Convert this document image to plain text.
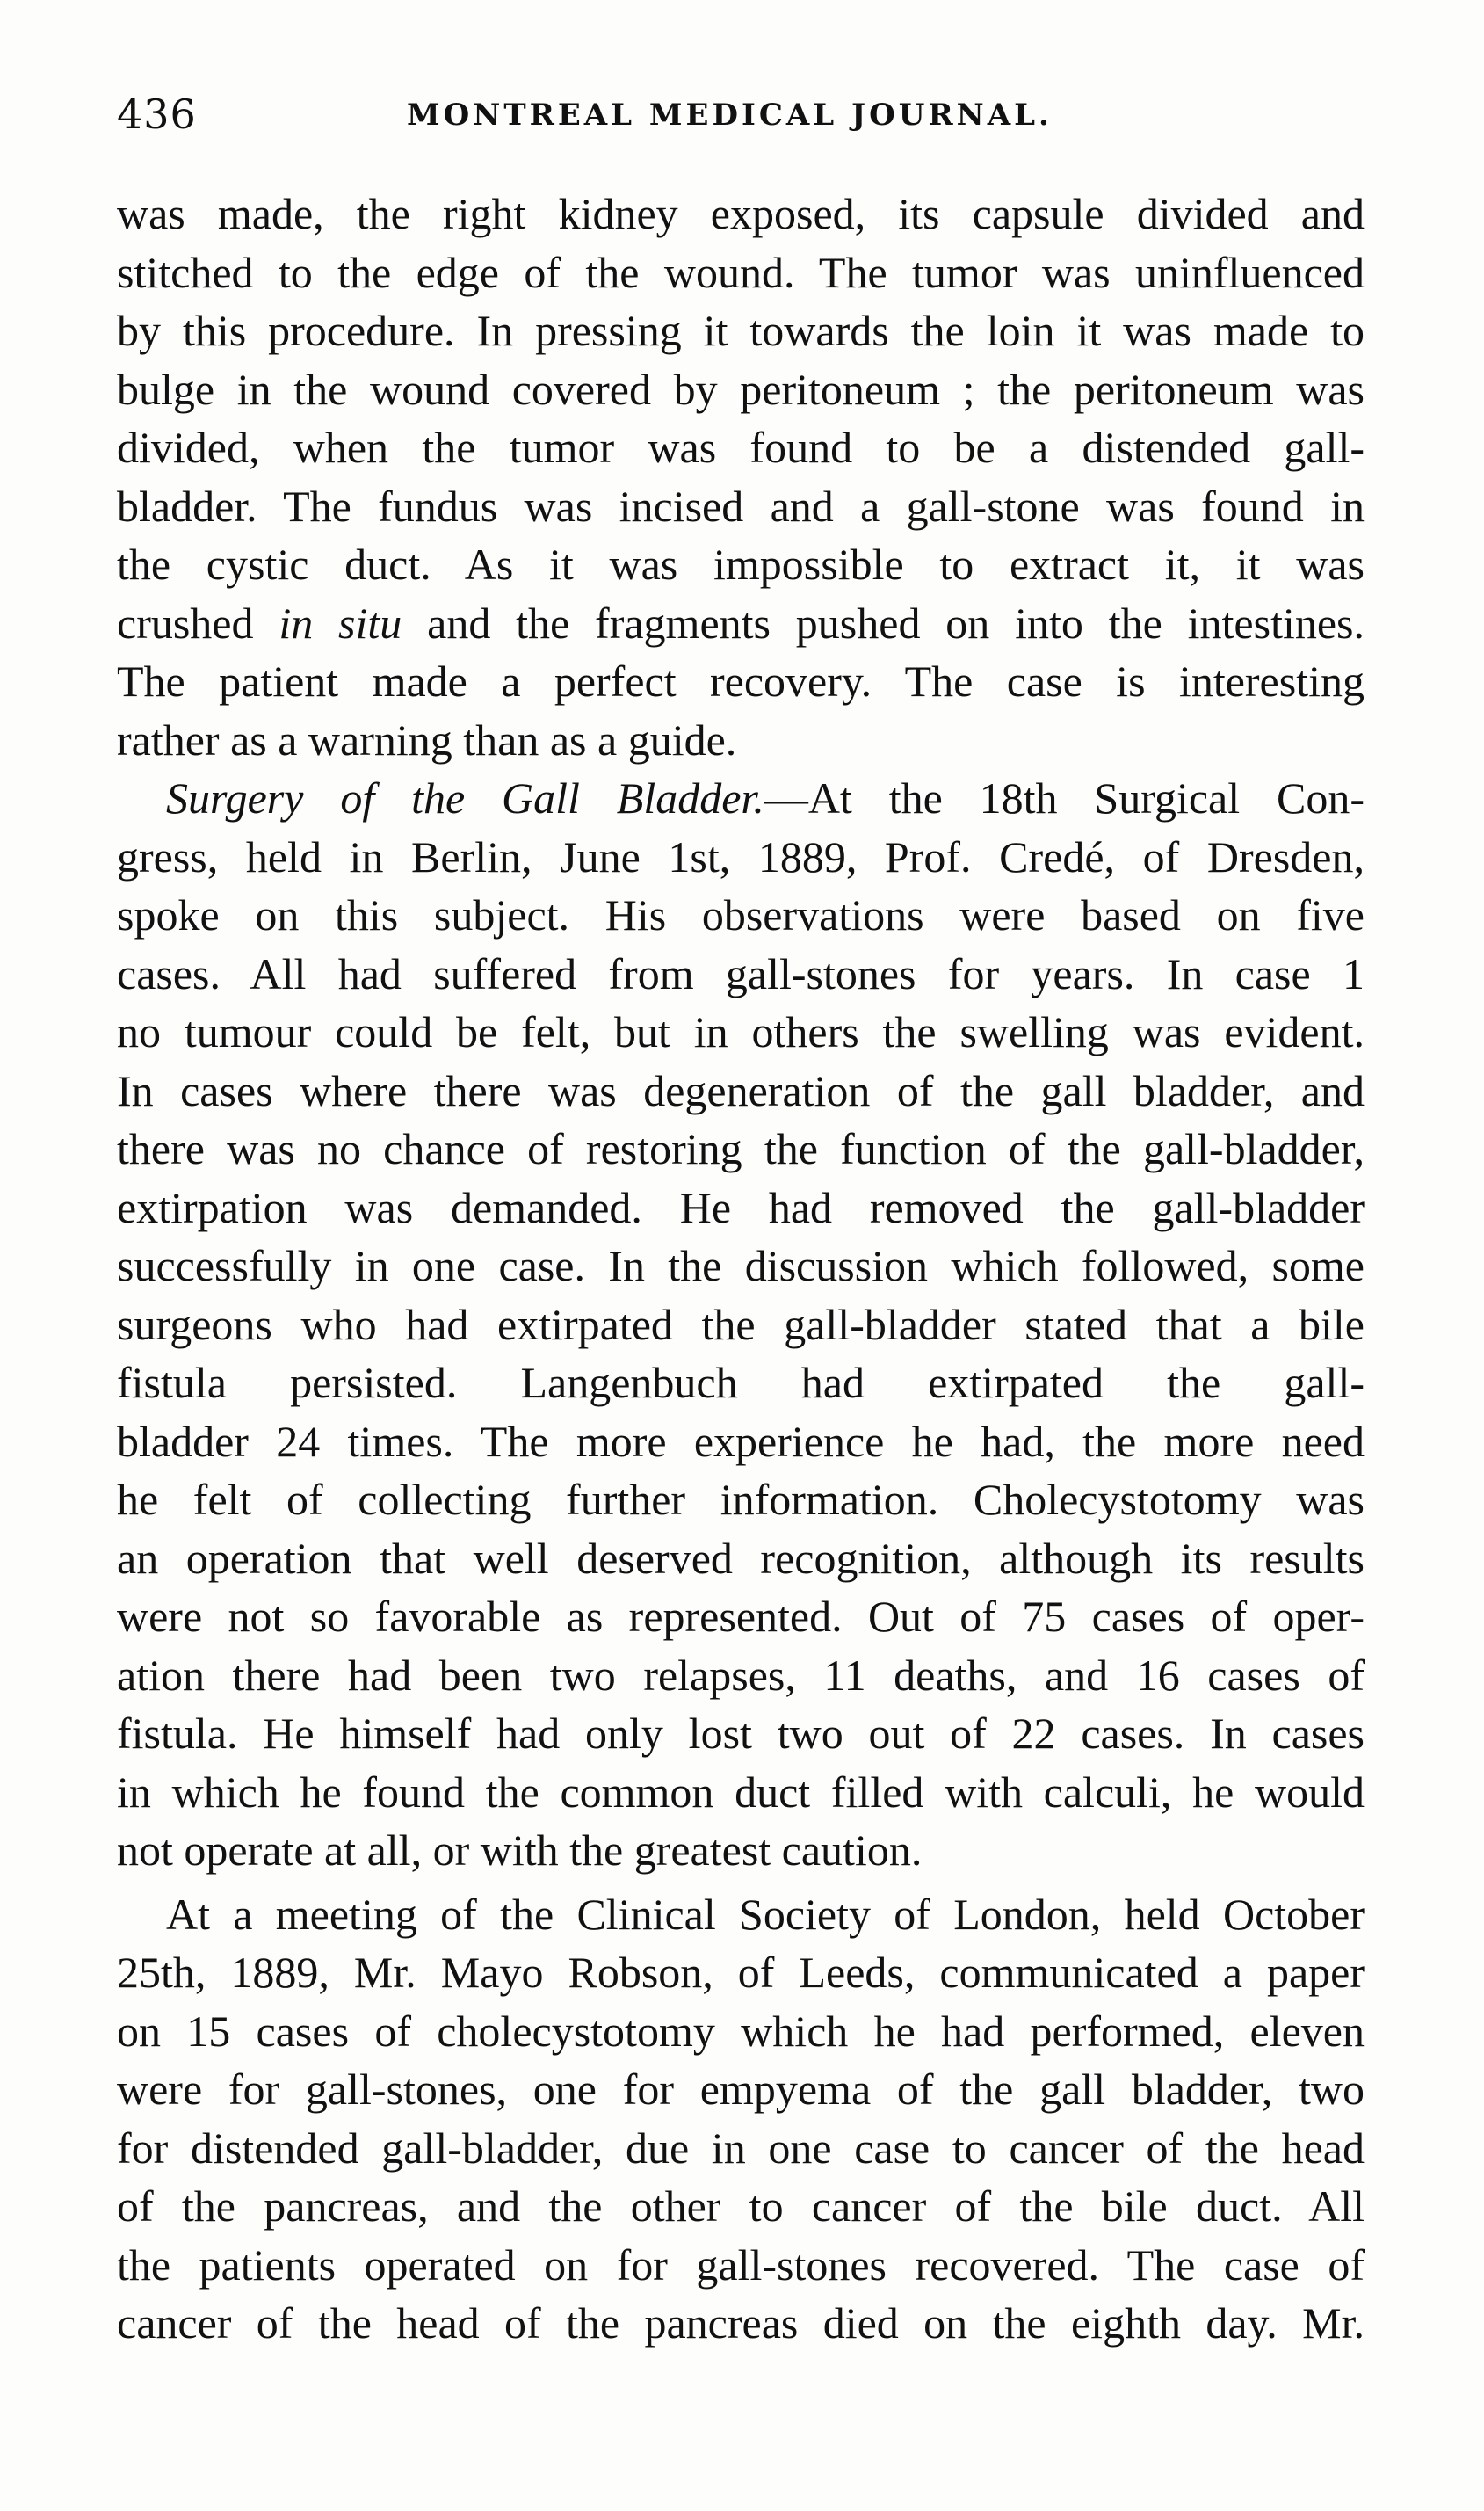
436	MONTREAL MEDICAL JOURNAL.
was made, the right kidney exposed, its capsule divided and
stitched to the edge of the wound. The tumor was uninfluenced
by this procedure. In pressing it towards the loin it was made to
bulge in the wound covered by peritoneum ; the peritoneum was
divided, when the tumor was found to be a distended gall-
bladder. The fundus was incised and a gall-stone was found in
the cystic duct. As it was impossible to extract it, it was
crushed in situ and the fragments pushed on into the intestines.
The patient made a perfect recovery. The case is interesting
rather as a warning than as a guide.
Surgery of the Gall Bladder.—At the 18th Surgical Con-
gress, held in Berlin, June 1st, 1889, Prof. Credé, of Dresden,
spoke on this subject. His observations were based on five
cases. All had suffered from gall-stones for years. In case 1
no tumour could be felt, but in others the swelling was evident.
In cases where there was degeneration of the gall bladder, and
there was no chance of restoring the function of the gall-bladder,
extirpation was demanded. He had removed the gall-bladder
successfully in one case. In the discussion which followed, some
surgeons who had extirpated the gall-bladder stated that a bile
fistula persisted. Langenbuch had extirpated the gall-
bladder 24 times. The more experience he had, the more need
he felt of collecting further information. Cholecystotomy was
an operation that well deserved recognition, although its results
were not so favorable as represented. Out of 75 cases of oper-
ation there had been two relapses, 11 deaths, and 16 cases of
fistula. He himself had only lost two out of 22 cases. In cases
in which he found the common duct filled with calculi, he would
not operate at all, or with the greatest caution.
At a meeting of the Clinical Society of London, held October
25th, 1889, Mr. Mayo Robson, of Leeds, communicated a paper
on 15 cases of cholecystotomy which he had performed, eleven
were for gall-stones, one for empyema of the gall bladder, two
for distended gall-bladder, due in one case to cancer of the head
of the pancreas, and the other to cancer of the bile duct. All
the patients operated on for gall-stones recovered. The case of
cancer of the head of the pancreas died on the eighth day. Mr.
